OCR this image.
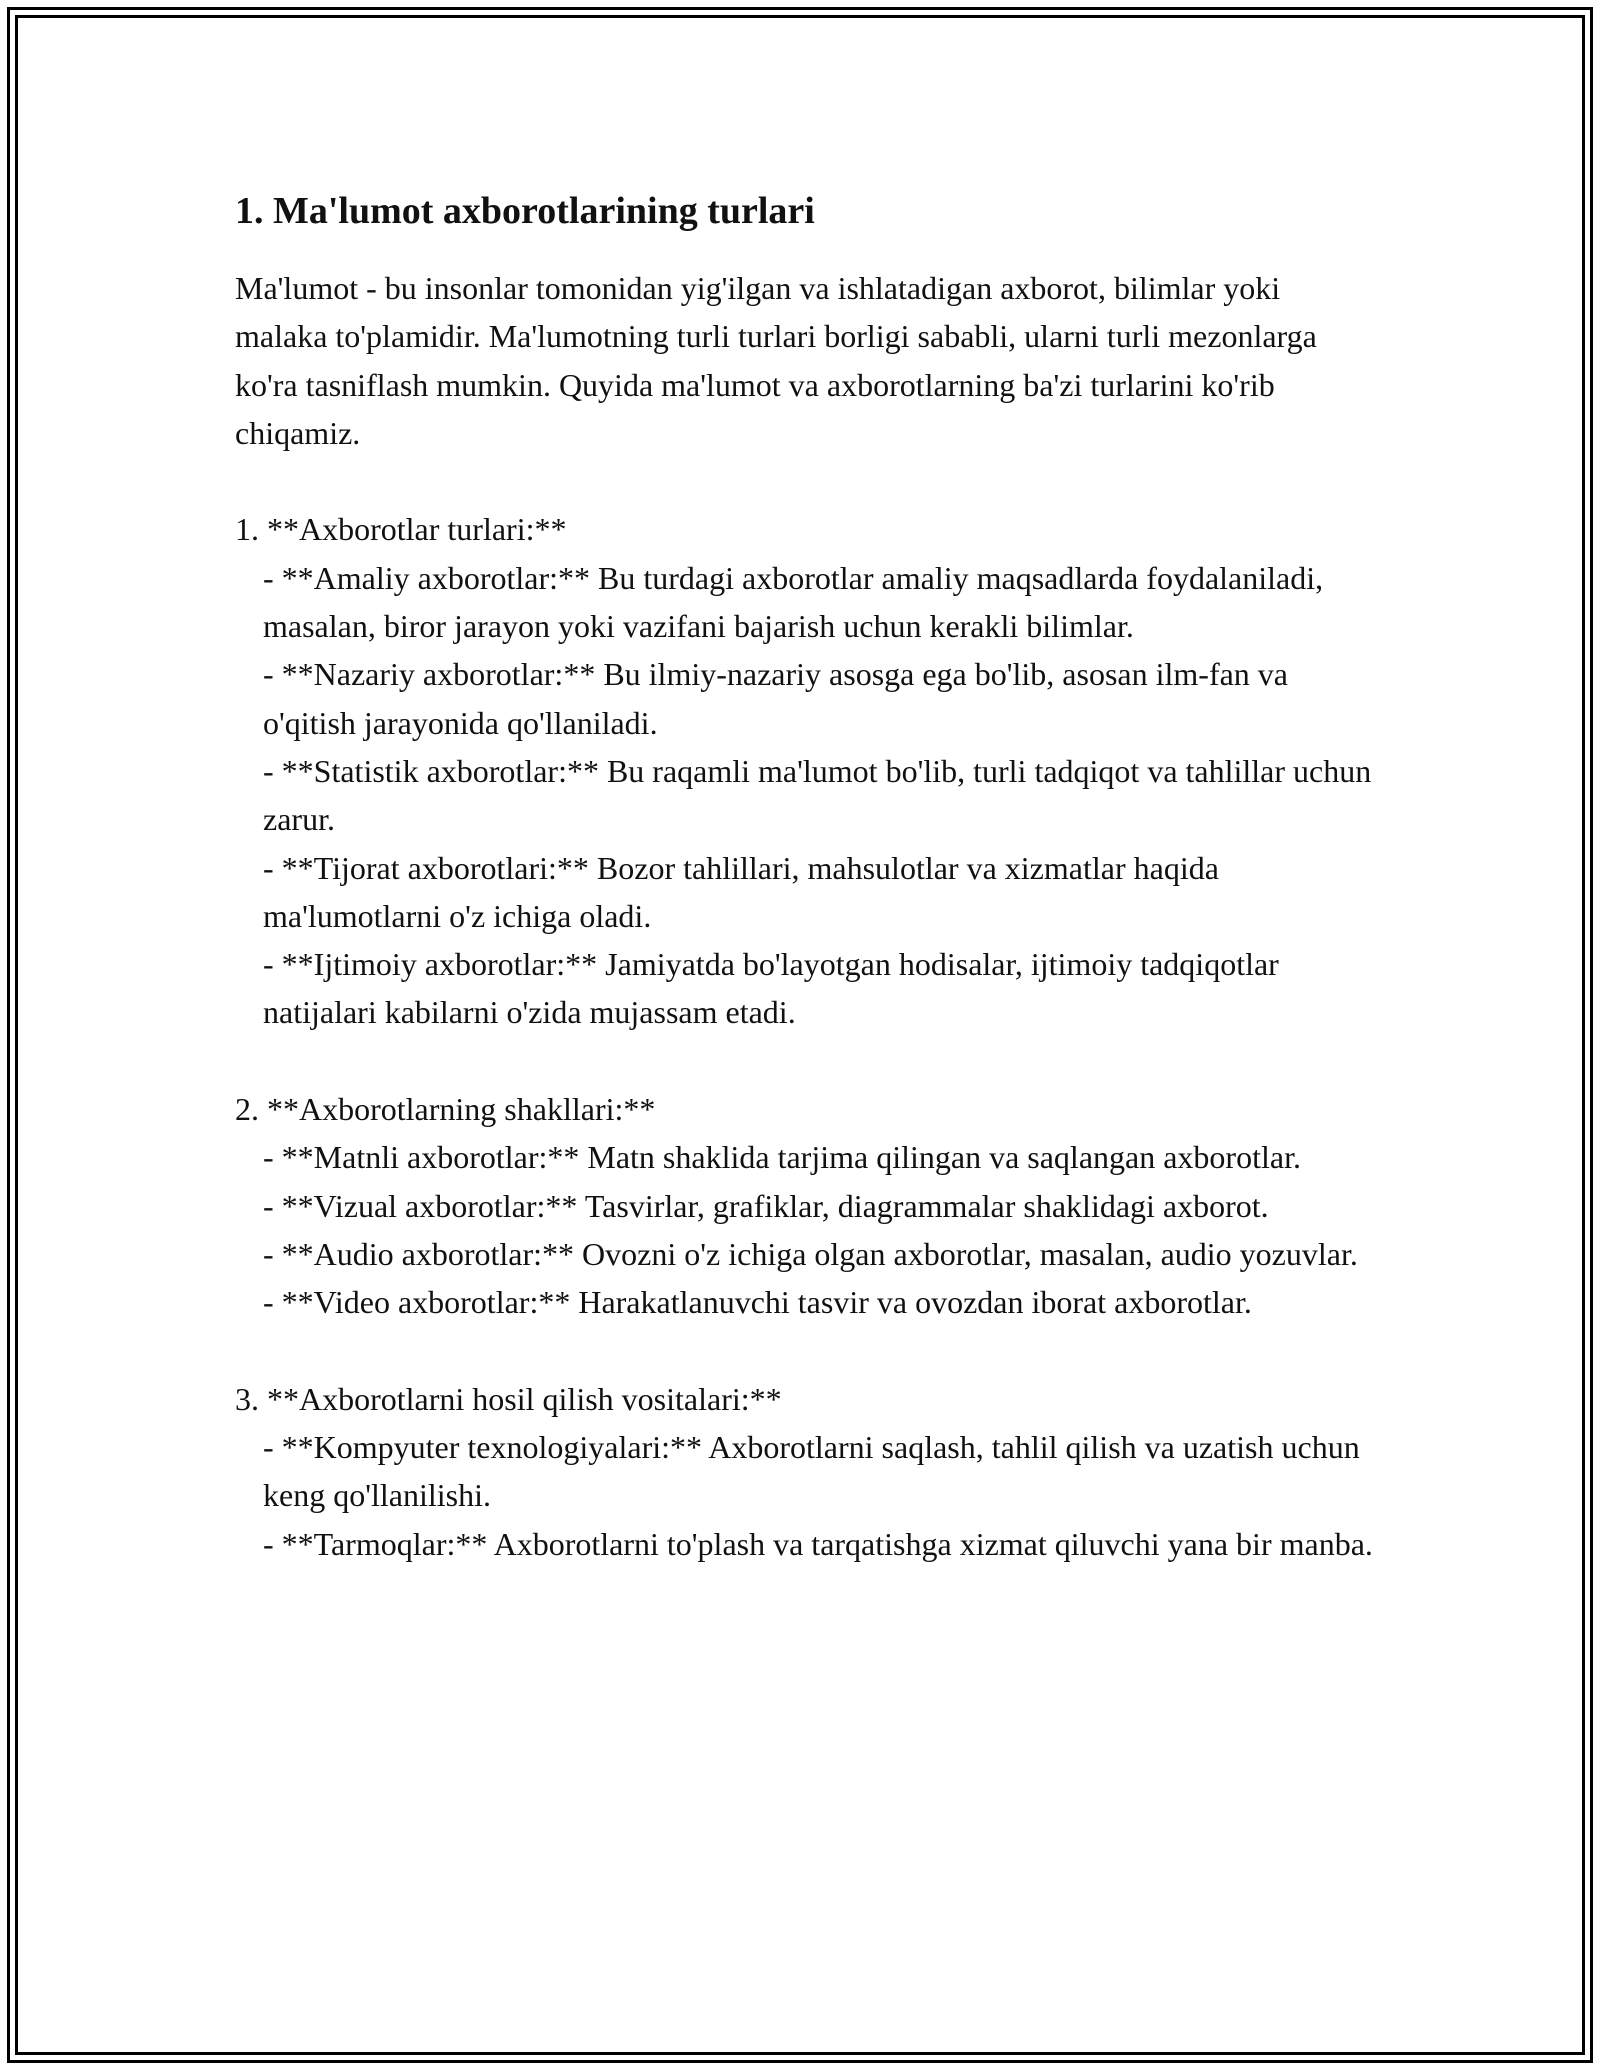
1. Ma'lumot axborotlarining turlari

Ma'lumot - bu insonlar tomonidan yig'ilgan va ishlatadigan axborot, bilimlar yoki malaka to'plamidir. Ma'lumotning turli turlari borligi sababli, ularni turli mezonlarga ko'ra tasniflash mumkin. Quyida ma'lumot va axborotlarning ba'zi turlarini ko'rib chiqamiz.

1. **Axborotlar turlari:**

- **Amaliy axborotlar:** Bu turdagi axborotlar amaliy maqsadlarda foydalaniladi, masalan, biror jarayon yoki vazifani bajarish uchun kerakli bilimlar.

- **Nazariy axborotlar:** Bu ilmiy-nazariy asosga ega bo'lib, asosan ilm-fan va o'qitish jarayonida qo'llaniladi.

- **Statistik axborotlar:** Bu raqamli ma'lumot bo'lib, turli tadqiqot va tahlillar uchun zarur.

- **Tijorat axborotlari:** Bozor tahlillari, mahsulotlar va xizmatlar haqida ma'lumotlarni o'z ichiga oladi.

- **Ijtimoiy axborotlar:** Jamiyatda bo'layotgan hodisalar, ijtimoiy tadqiqotlar natijalari kabilarni o'zida mujassam etadi.

2. **Axborotlarning shakllari:**

- **Matnli axborotlar:** Matn shaklida tarjima qilingan va saqlangan axborotlar.

- **Vizual axborotlar:** Tasvirlar, grafiklar, diagrammalar shaklidagi axborot.

- **Audio axborotlar:** Ovozni o'z ichiga olgan axborotlar, masalan, audio yozuvlar.

- **Video axborotlar:** Harakatlanuvchi tasvir va ovozdan iborat axborotlar.

3. **Axborotlarni hosil qilish vositalari:**

- **Kompyuter texnologiyalari:** Axborotlarni saqlash, tahlil qilish va uzatish uchun keng qo'llanilishi.

- **Tarmoqlar:** Axborotlarni to'plash va tarqatishga xizmat qiluvchi yana bir manba.
